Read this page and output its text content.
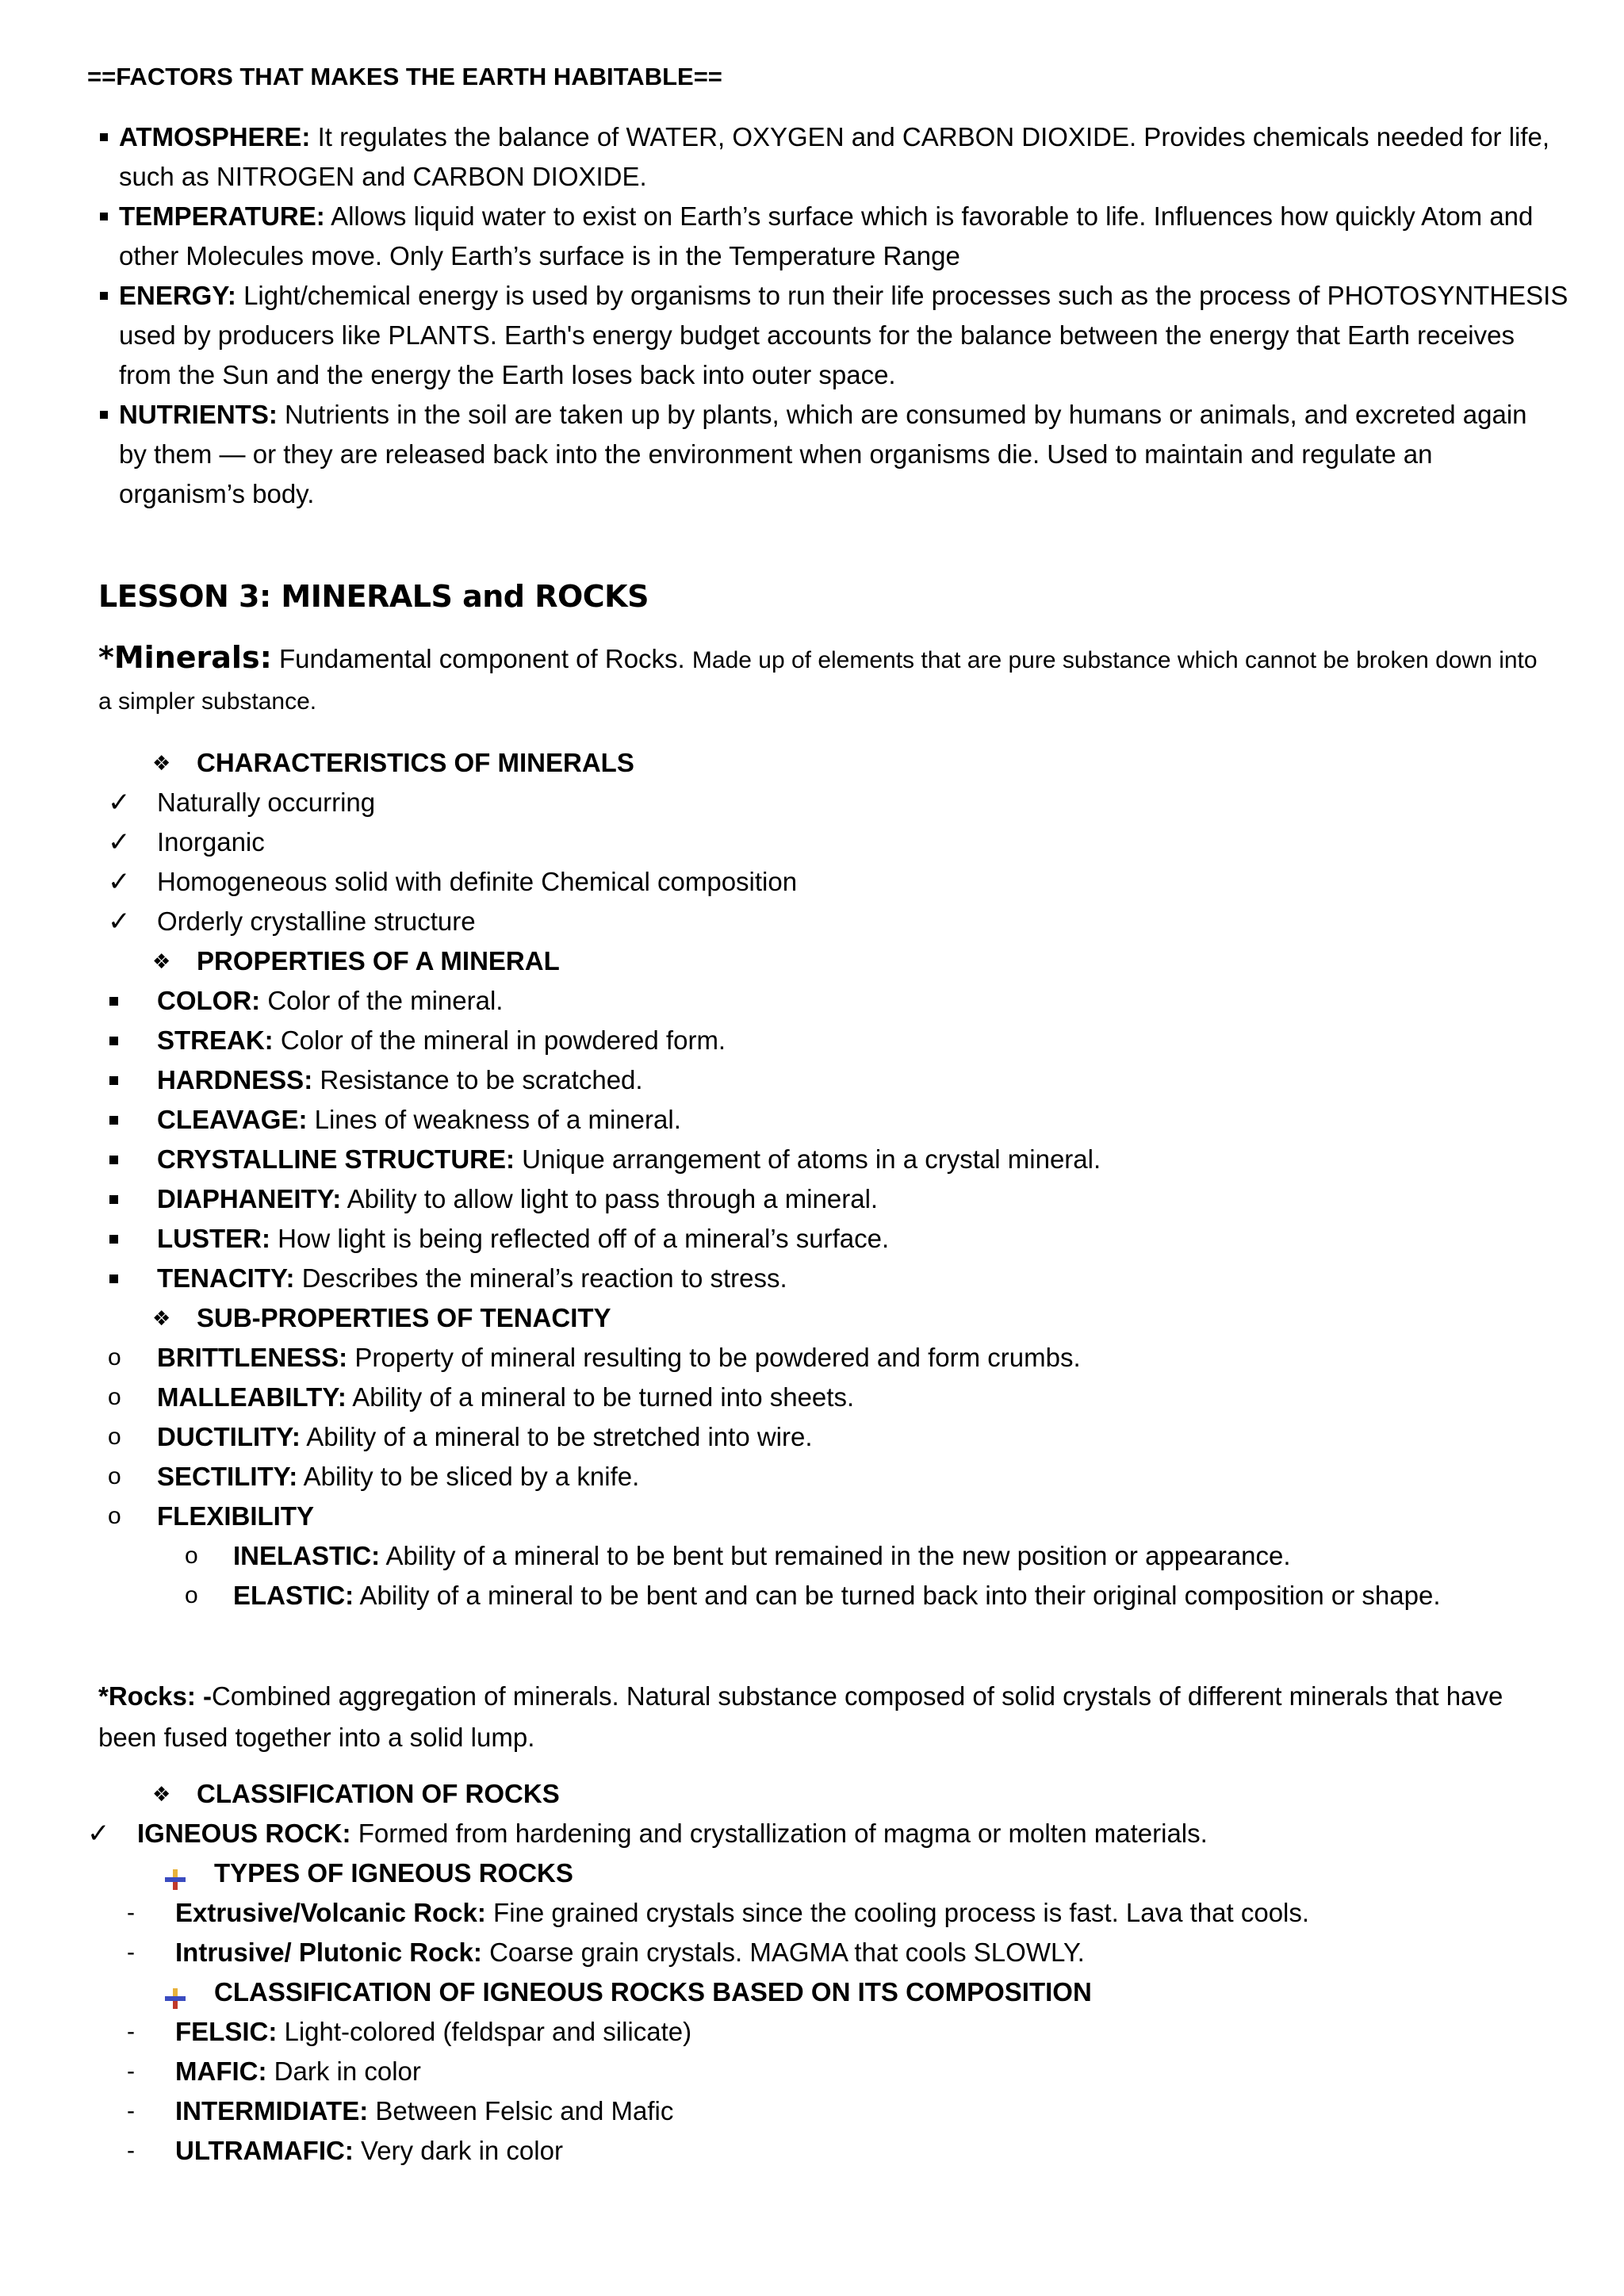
==FACTORS THAT MAKES THE EARTH HABITABLE==
ATMOSPHERE: It regulates the balance of WATER, OXYGEN and CARBON DIOXIDE. Provides chemicals needed for life,
such as NITROGEN and CARBON DIOXIDE.
TEMPERATURE: Allows liquid water to exist on Earth’s surface which is favorable to life. Influences how quickly Atom and
other Molecules move. Only Earth’s surface is in the Temperature Range
ENERGY: Light/chemical energy is used by organisms to run their life processes such as the process of PHOTOSYNTHESIS
used by producers like PLANTS. Earth's energy budget accounts for the balance between the energy that Earth receives
from the Sun and the energy the Earth loses back into outer space.
NUTRIENTS: Nutrients in the soil are taken up by plants, which are consumed by humans or animals, and excreted again
by them — or they are released back into the environment when organisms die. Used to maintain and regulate an
organism’s body.
LESSON 3: MINERALS and ROCKS
*Minerals: Fundamental component of Rocks. Made up of elements that are pure substance which cannot be broken down into
a simpler substance.
❖ CHARACTERISTICS OF MINERALS
✓ Naturally occurring
✓ Inorganic
✓ Homogeneous solid with definite Chemical composition
✓ Orderly crystalline structure
❖ PROPERTIES OF A MINERAL
COLOR: Color of the mineral.
STREAK: Color of the mineral in powdered form.
HARDNESS: Resistance to be scratched.
CLEAVAGE: Lines of weakness of a mineral.
CRYSTALLINE STRUCTURE: Unique arrangement of atoms in a crystal mineral.
DIAPHANEITY: Ability to allow light to pass through a mineral.
LUSTER: How light is being reflected off of a mineral’s surface.
TENACITY: Describes the mineral’s reaction to stress.
❖ SUB-PROPERTIES OF TENACITY
o BRITTLENESS: Property of mineral resulting to be powdered and form crumbs.
o MALLEABILTY: Ability of a mineral to be turned into sheets.
o DUCTILITY: Ability of a mineral to be stretched into wire.
o SECTILITY: Ability to be sliced by a knife.
o FLEXIBILITY
o INELASTIC: Ability of a mineral to be bent but remained in the new position or appearance.
o ELASTIC: Ability of a mineral to be bent and can be turned back into their original composition or shape.
*Rocks: -Combined aggregation of minerals. Natural substance composed of solid crystals of different minerals that have
been fused together into a solid lump.
❖ CLASSIFICATION OF ROCKS
✓ IGNEOUS ROCK: Formed from hardening and crystallization of magma or molten materials.
TYPES OF IGNEOUS ROCKS
- Extrusive/Volcanic Rock: Fine grained crystals since the cooling process is fast. Lava that cools.
- Intrusive/ Plutonic Rock: Coarse grain crystals. MAGMA that cools SLOWLY.
CLASSIFICATION OF IGNEOUS ROCKS BASED ON ITS COMPOSITION
- FELSIC: Light-colored (feldspar and silicate)
- MAFIC: Dark in color
- INTERMIDIATE: Between Felsic and Mafic
- ULTRAMAFIC: Very dark in color
